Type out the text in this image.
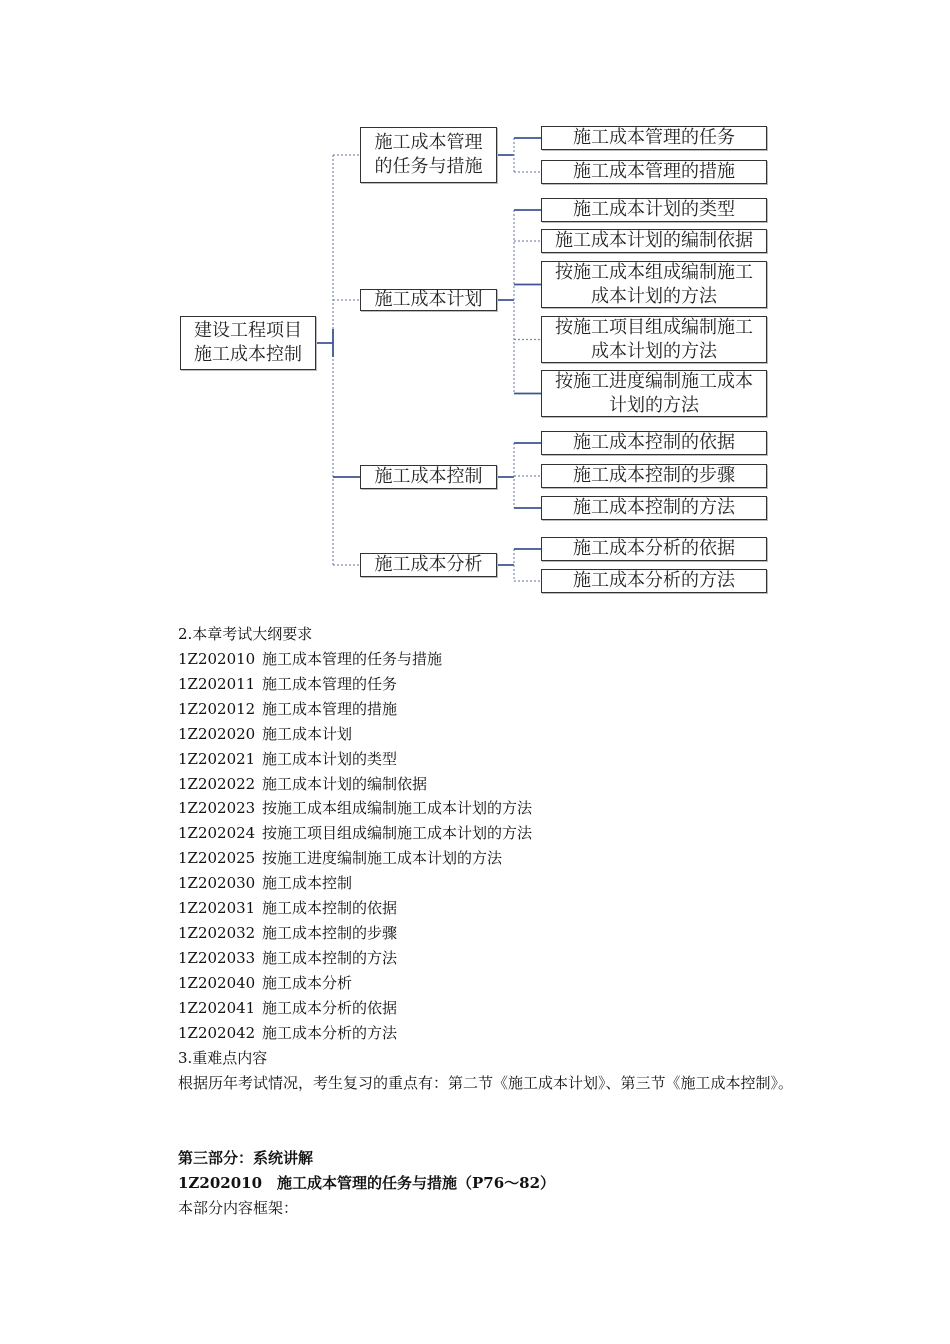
建设工程项目
施工成本控制
施工成本管理
的任务与措施
施工成本管理的任务
施工成本管理的措施
施工成本计划
施工成本计划的类型
施工成本计划的编制依据
按施工成本组成编制施工
成本计划的方法
按施工项目组成编制施工
成本计划的方法
按施工进度编制施工成本
计划的方法
施工成本控制
施工成本控制的依据
施工成本控制的步骤
施工成本控制的方法
施工成本分析
施工成本分析的依据
施工成本分析的方法
2.本章考试大纲要求
1Z202010 施工成本管理的任务与措施
1Z202011 施工成本管理的任务
1Z202012 施工成本管理的措施
1Z202020 施工成本计划
1Z202021 施工成本计划的类型
1Z202022 施工成本计划的编制依据
1Z202023 按施工成本组成编制施工成本计划的方法
1Z202024 按施工项目组成编制施工成本计划的方法
1Z202025 按施工进度编制施工成本计划的方法
1Z202030 施工成本控制
1Z202031 施工成本控制的依据
1Z202032 施工成本控制的步骤
1Z202033 施工成本控制的方法
1Z202040 施工成本分析
1Z202041 施工成本分析的依据
1Z202042 施工成本分析的方法
3.重难点内容
根据历年考试情况，考生复习的重点有：第二节《施工成本计划》、第三节《施工成本控制》。
第三部分：系统讲解
1Z202010　施工成本管理的任务与措施（P76～82）
本部分内容框架：
